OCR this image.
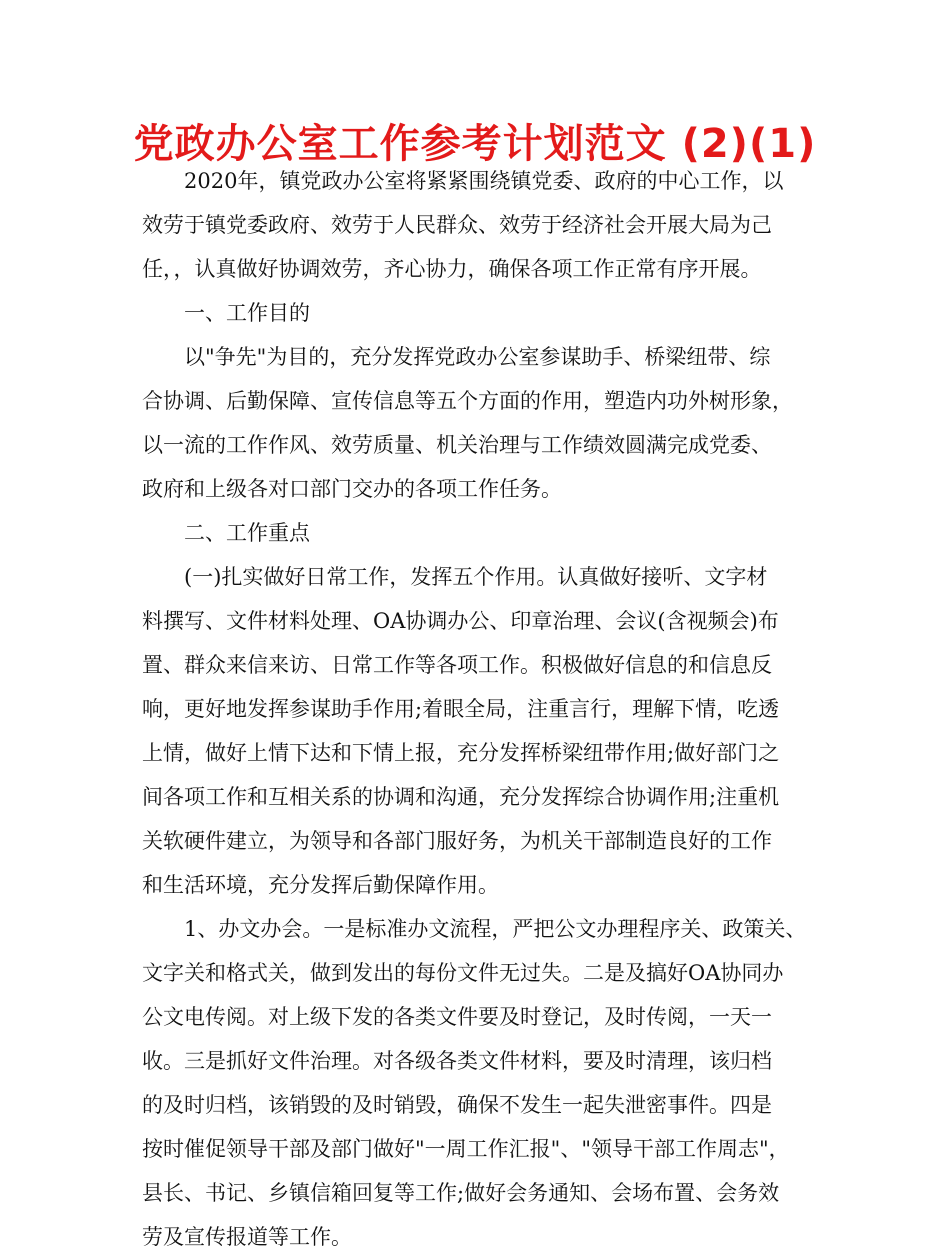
党政办公室工作参考计划范文 (2)(1)
2020年，镇党政办公室将紧紧围绕镇党委、政府的中心工作，以
效劳于镇党委政府、效劳于人民群众、效劳于经济社会开展大局为己
任，，认真做好协调效劳，齐心协力，确保各项工作正常有序开展。
一、工作目的
以"争先"为目的，充分发挥党政办公室参谋助手、桥梁纽带、综
合协调、后勤保障、宣传信息等五个方面的作用，塑造内功外树形象，
以一流的工作作风、效劳质量、机关治理与工作绩效圆满完成党委、
政府和上级各对口部门交办的各项工作任务。
二、工作重点
(一)扎实做好日常工作，发挥五个作用。认真做好接听、文字材
料撰写、文件材料处理、OA协调办公、印章治理、会议(含视频会)布
置、群众来信来访、日常工作等各项工作。积极做好信息的和信息反
响，更好地发挥参谋助手作用;着眼全局，注重言行，理解下情，吃透
上情，做好上情下达和下情上报，充分发挥桥梁纽带作用;做好部门之
间各项工作和互相关系的协调和沟通，充分发挥综合协调作用;注重机
关软硬件建立，为领导和各部门服好务，为机关干部制造良好的工作
和生活环境，充分发挥后勤保障作用。
1、办文办会。一是标准办文流程，严把公文办理程序关、政策关、
文字关和格式关，做到发出的每份文件无过失。二是及搞好OA协同办
公文电传阅。对上级下发的各类文件要及时登记，及时传阅，一天一
收。三是抓好文件治理。对各级各类文件材料，要及时清理，该归档
的及时归档，该销毁的及时销毁，确保不发生一起失泄密事件。四是
按时催促领导干部及部门做好"一周工作汇报"、"领导干部工作周志"，
县长、书记、乡镇信箱回复等工作;做好会务通知、会场布置、会务效
劳及宣传报道等工作。
